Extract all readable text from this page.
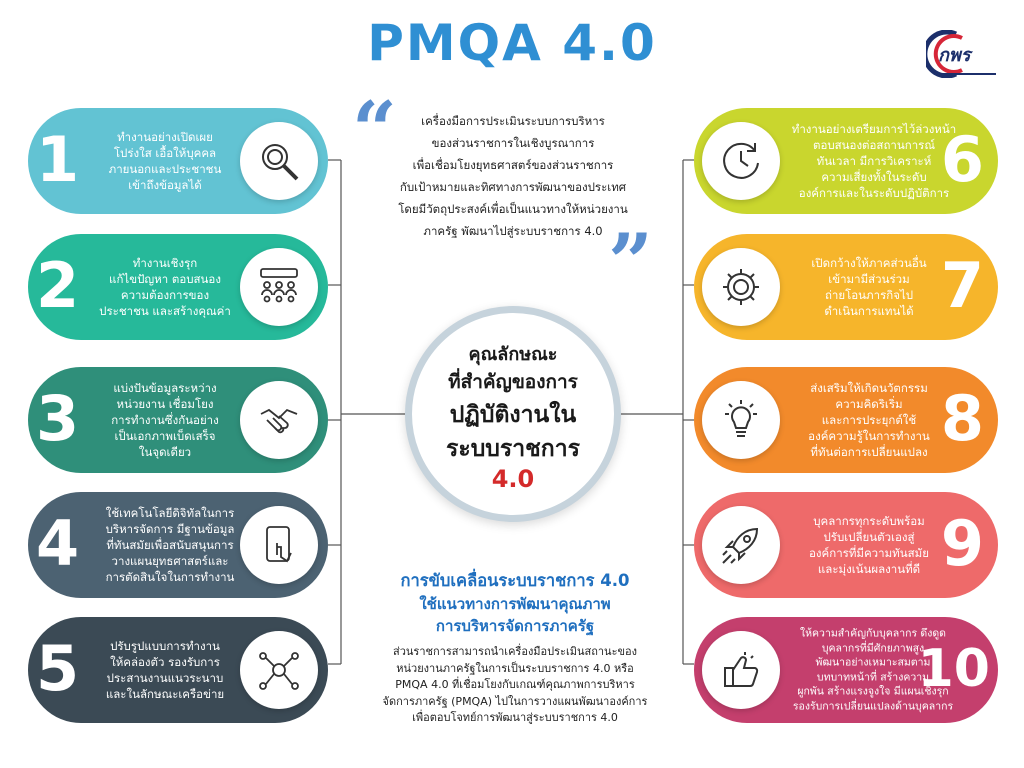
PMQA 4.0	กพร
“
”
เครื่องมือการประเมินระบบการบริหาร
ของส่วนราชการในเชิงบูรณาการ
เพื่อเชื่อมโยงยุทธศาสตร์ของส่วนราชการ
กับเป้าหมายและทิศทางการพัฒนาของประเทศ
โดยมีวัตถุประสงค์เพื่อเป็นแนวทางให้หน่วยงาน
ภาครัฐ พัฒนาไปสู่ระบบราชการ 4.0
คุณลักษณะ
ที่สำคัญของการ
ปฏิบัติงานใน
ระบบราชการ
4.0
การขับเคลื่อนระบบราชการ 4.0
ใช้แนวทางการพัฒนาคุณภาพ
การบริหารจัดการภาครัฐ
ส่วนราชการสามารถนำเครื่องมือประเมินสถานะของ
หน่วยงานภาครัฐในการเป็นระบบราชการ 4.0 หรือ
PMQA 4.0 ที่เชื่อมโยงกับเกณฑ์คุณภาพการบริหาร
จัดการภาครัฐ (PMQA) ไปในการวางแผนพัฒนาองค์การ
เพื่อตอบโจทย์การพัฒนาสู่ระบบราชการ 4.0
1	ทำงานอย่างเปิดเผย
โปร่งใส เอื้อให้บุคคล
ภายนอกและประชาชน
เข้าถึงข้อมูลได้
2	ทำงานเชิงรุก
แก้ไขปัญหา ตอบสนอง
ความต้องการของ
ประชาชน และสร้างคุณค่า
3	แบ่งปันข้อมูลระหว่าง
หน่วยงาน เชื่อมโยง
การทำงานซึ่งกันอย่าง
เป็นเอกภาพเบ็ดเสร็จ
ในจุดเดียว
4	ใช้เทคโนโลยีดิจิทัลในการ
บริหารจัดการ มีฐานข้อมูล
ที่ทันสมัยเพื่อสนับสนุนการ
วางแผนยุทธศาสตร์และ
การตัดสินใจในการทำงาน
5	ปรับรูปแบบการทำงาน
ให้คล่องตัว รองรับการ
ประสานงานแนวระนาบ
และในลักษณะเครือข่าย
ทำงานอย่างเตรียมการไว้ล่วงหน้า
ตอบสนองต่อสถานการณ์
ทันเวลา มีการวิเคราะห์
ความเสี่ยงทั้งในระดับ
องค์การและในระดับปฏิบัติการ
6
เปิดกว้างให้ภาคส่วนอื่น
เข้ามามีส่วนร่วม
ถ่ายโอนภารกิจไป
ดำเนินการแทนได้ 7
ส่งเสริมให้เกิดนวัตกรรม
ความคิดริเริ่ม
และการประยุกต์ใช้
องค์ความรู้ในการทำงาน
ที่ทันต่อการเปลี่ยนแปลง 8
บุคลากรทุกระดับพร้อม
ปรับเปลี่ยนตัวเองสู่
องค์การที่มีความทันสมัย
และมุ่งเน้นผลงานที่ดี 9
ให้ความสำคัญกับบุคลากร ดึงดูด
บุคลากรที่มีศักยภาพสูง
พัฒนาอย่างเหมาะสมตาม
บทบาทหน้าที่ สร้างความ
ผูกพัน สร้างแรงจูงใจ มีแผนเชิงรุก
รองรับการเปลี่ยนแปลงด้านบุคลากร
10
